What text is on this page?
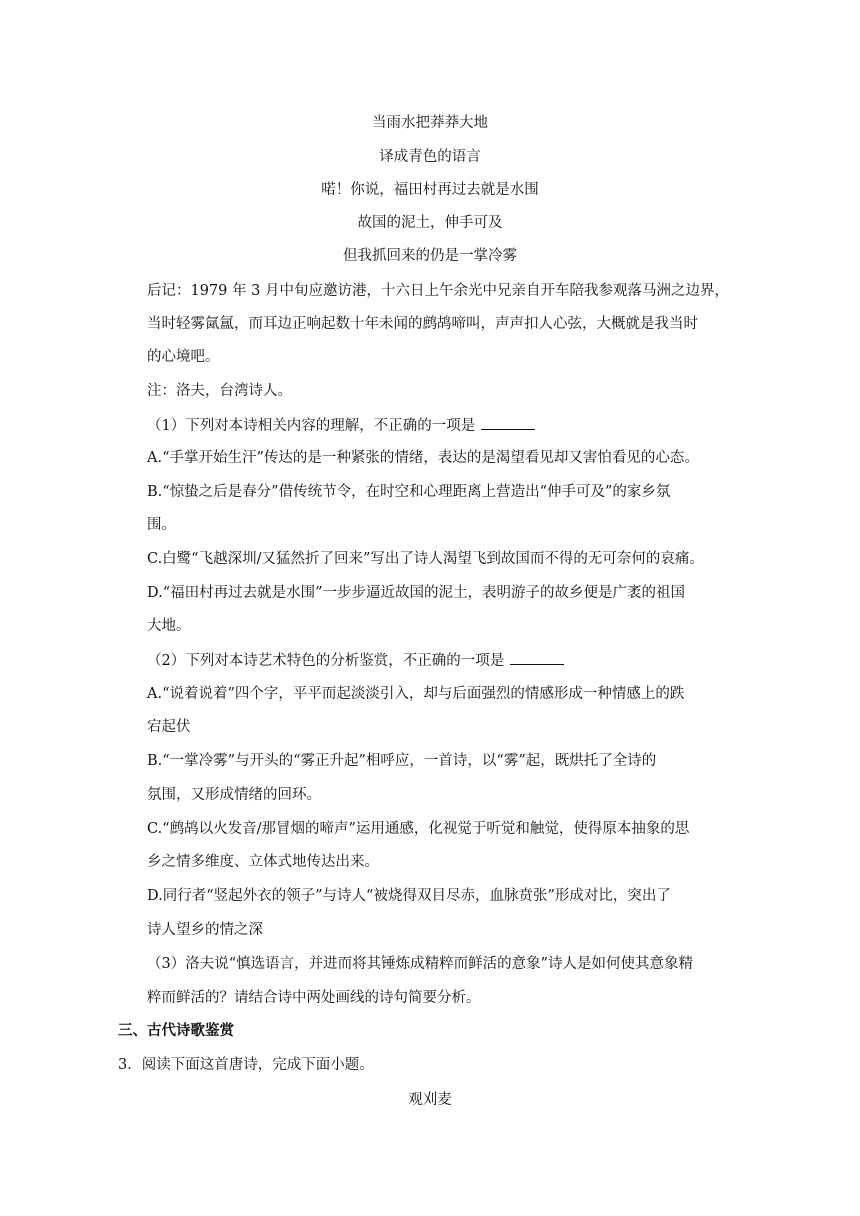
当雨水把莽莽大地
译成青色的语言
喏！你说，福田村再过去就是水围
故国的泥土，伸手可及
但我抓回来的仍是一掌冷雾
后记：1979 年 3 月中旬应邀访港，十六日上午余光中兄亲自开车陪我参观落马洲之边界，
当时轻雾氤氲，而耳边正响起数十年未闻的鹧鸪啼叫，声声扣人心弦，大概就是我当时
的心境吧。
注：洛夫，台湾诗人。
（1）下列对本诗相关内容的理解，不正确的一项是
A.“手掌开始生汗”传达的是一种紧张的情绪，表达的是渴望看见却又害怕看见的心态。
B.“惊蛰之后是春分”借传统节令，在时空和心理距离上营造出“伸手可及”的家乡氛
围。
C.白鹭“飞越深圳/又猛然折了回来”写出了诗人渴望飞到故国而不得的无可奈何的哀痛。
D.“福田村再过去就是水围”一步步逼近故国的泥土，表明游子的故乡便是广袤的祖国
大地。
（2）下列对本诗艺术特色的分析鉴赏，不正确的一项是
A.“说着说着”四个字，平平而起淡淡引入，却与后面强烈的情感形成一种情感上的跌
宕起伏
B.“一掌冷雾”与开头的“雾正升起”相呼应，一首诗，以“雾”起，既烘托了全诗的
氛围，又形成情绪的回环。
C.“鹧鸪以火发音/那冒烟的啼声”运用通感，化视觉于听觉和触觉，使得原本抽象的思
乡之情多维度、立体式地传达出来。
D.同行者“竖起外衣的领子”与诗人“被烧得双目尽赤，血脉贲张”形成对比，突出了
诗人望乡的情之深
（3）洛夫说“慎选语言，并进而将其锤炼成精粹而鲜活的意象”诗人是如何使其意象精
粹而鲜活的？请结合诗中两处画线的诗句简要分析。
三、古代诗歌鉴赏
3．阅读下面这首唐诗，完成下面小题。
观刈麦
